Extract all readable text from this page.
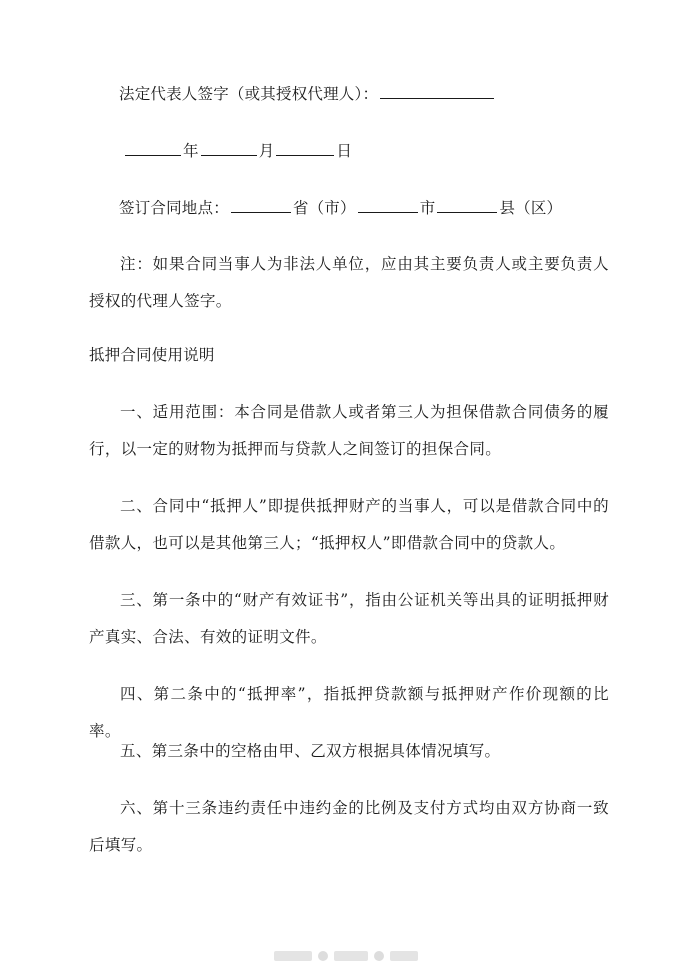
法定代表人签字（或其授权代理人）：
年	月	日
签订合同地点：	省（市）	市	县（区）
注：如果合同当事人为非法人单位，应由其主要负责人或主要负责人授权的代理人签字。
抵押合同使用说明
一、适用范围：本合同是借款人或者第三人为担保借款合同债务的履行，以一定的财物为抵押而与贷款人之间签订的担保合同。
二、合同中“抵押人”即提供抵押财产的当事人，可以是借款合同中的借款人，也可以是其他第三人；“抵押权人”即借款合同中的贷款人。
三、第一条中的“财产有效证书”，指由公证机关等出具的证明抵押财产真实、合法、有效的证明文件。
四、第二条中的“抵押率”，指抵押贷款额与抵押财产作价现额的比率。
五、第三条中的空格由甲、乙双方根据具体情况填写。
六、第十三条违约责任中违约金的比例及支付方式均由双方协商一致后填写。
